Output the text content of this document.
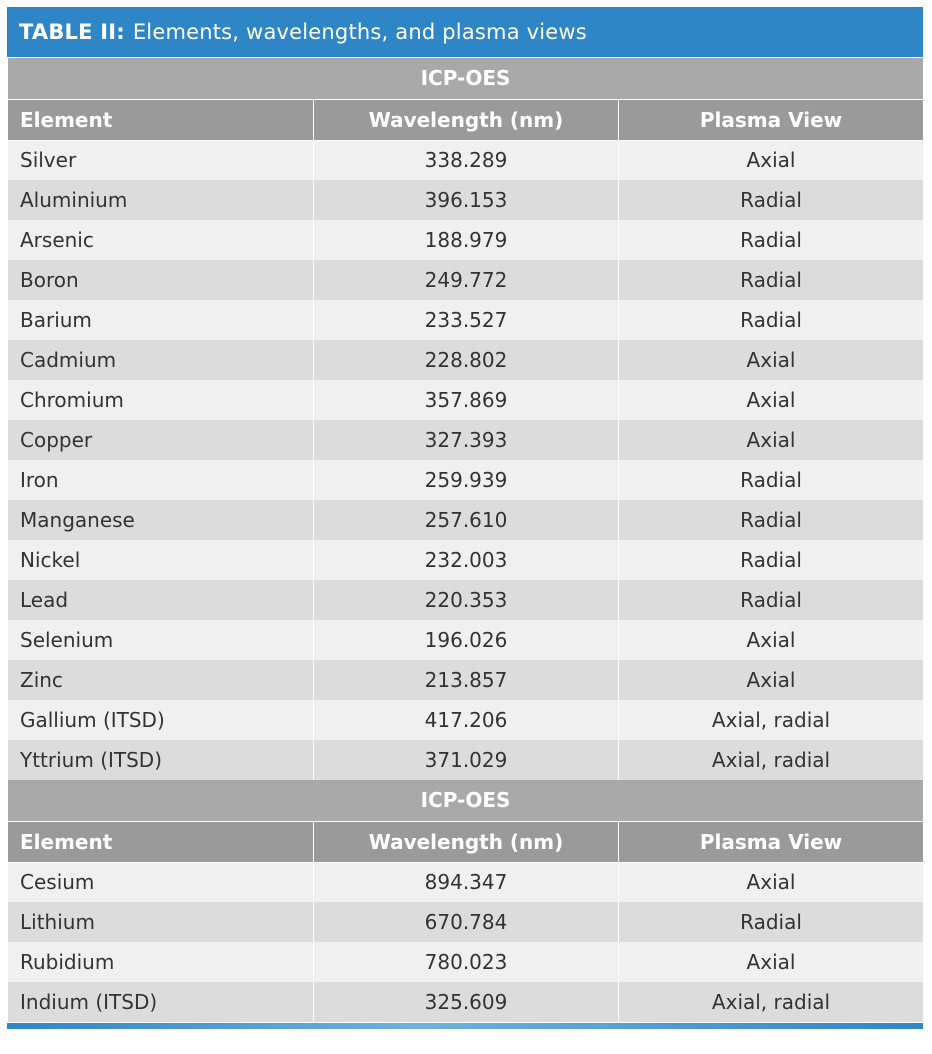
TABLE II: Elements, wavelengths, and plasma views
ICP-OES		
Element	Wavelength (nm)	Plasma View
Silver	338.289	Axial
Aluminium	396.153	Radial
Arsenic	188.979	Radial
Boron	249.772	Radial
Barium	233.527	Radial
Cadmium	228.802	Axial
Chromium	357.869	Axial
Copper	327.393	Axial
Iron	259.939	Radial
Manganese	257.610	Radial
Nickel	232.003	Radial
Lead	220.353	Radial
Selenium	196.026	Axial
Zinc	213.857	Axial
Gallium (ITSD)	417.206	Axial, radial
Yttrium (ITSD)	371.029	Axial, radial
ICP-OES		
Element	Wavelength (nm)	Plasma View
Cesium	894.347	Axial
Lithium	670.784	Radial
Rubidium	780.023	Axial
Indium (ITSD)	325.609	Axial, radial
